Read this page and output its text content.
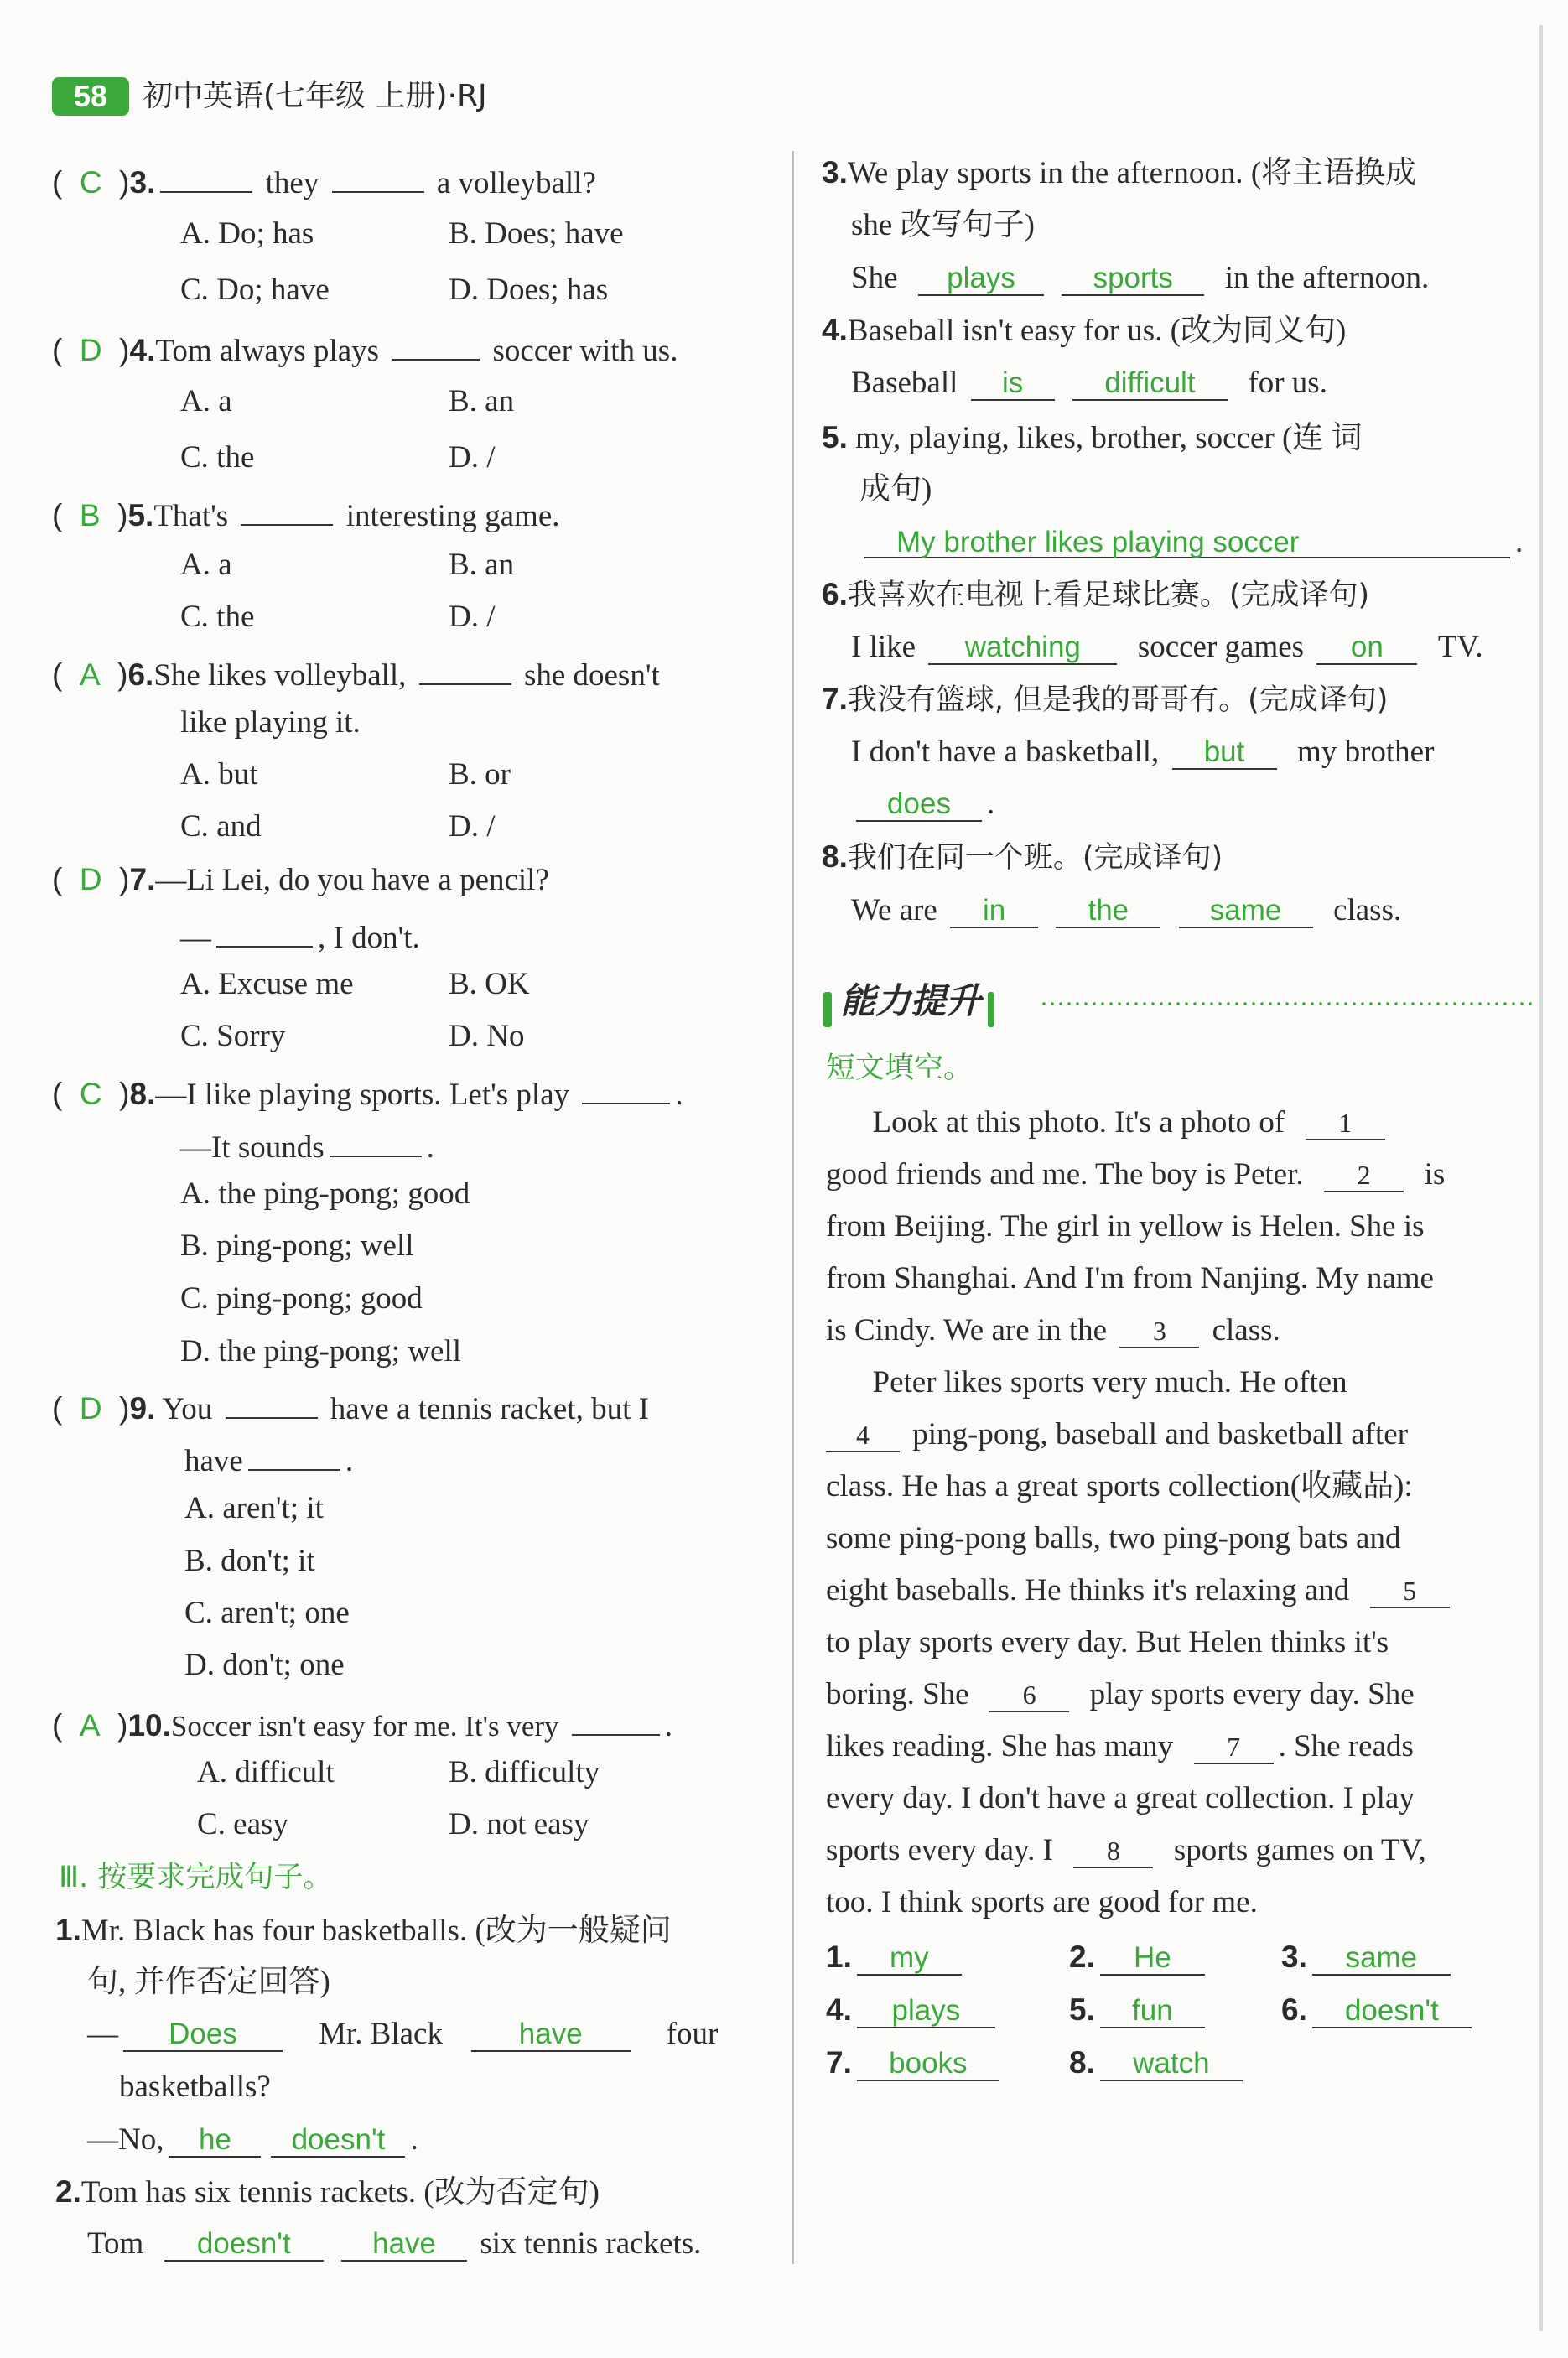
58	初中英语(七年级 上册)·RJ
(  C  )3.	they	a volleyball?
A. Do; has	B. Does; have
C. Do; have	D. Does; has
(  D  )4.Tom always plays	soccer with us.
A. a	B. an
C. the	D. /
(  B  )5.That's	interesting game.
A. a	B. an
C. the	D. /
(  A  )6.She likes volleyball,	she doesn't
like playing it.
A. but	B. or
C. and	D. /
(  D  )7.—Li Lei, do you have a pencil?
—	, I don't.
A. Excuse me	B. OK
C. Sorry	D. No
(  C  )8.—I like playing sports. Let's play	.
—It sounds	.
A. the ping-pong; good
B. ping-pong; well
C. ping-pong; good
D. the ping-pong; well
(  D  )9. You	have a tennis racket, but I
have	.
A. aren't; it
B. don't; it
C. aren't; one
D. don't; one
(  A  )10.Soccer isn't easy for me. It's very	.
A. difficult	B. difficulty
C. easy	D. not easy
Ⅲ. 按要求完成句子。
1.Mr. Black has four basketballs. (改为一般疑问
句, 并作否定回答)
— Does	Mr. Black	have	four
basketballs?
—No, he doesn't .
2.Tom has six tennis rackets. (改为否定句)
Tom doesn't	have six tennis rackets.
3.We play sports in the afternoon. (将主语换成
she 改写句子)
She plays	sports in the afternoon.
4.Baseball isn't easy for us. (改为同义句)
Baseball is	difficult for us.
5. my, playing, likes, brother, soccer (连 词
成句)
My brother likes playing soccer	.
6.我喜欢在电视上看足球比赛。(完成译句)
I like watching soccer games on TV.
7.我没有篮球, 但是我的哥哥有。(完成译句)
I don't have a basketball, but my brother
does .
8.我们在同一个班。(完成译句)
We are in	the	same class.
能力提升
短文填空。
Look at this photo. It's a photo of 1
good friends and me. The boy is Peter. 2 is
from Beijing. The girl in yellow is Helen. She is
from Shanghai. And I'm from Nanjing. My name
is Cindy. We are in the 3 class.
Peter likes sports very much. He often
4 ping-pong, baseball and basketball after
class. He has a great sports collection(收藏品):
some ping-pong balls, two ping-pong bats and
eight baseballs. He thinks it's relaxing and 5
to play sports every day. But Helen thinks it's
boring. She 6 play sports every day. She
likes reading. She has many 7 . She reads
every day. I don't have a great collection. I play
sports every day. I 8 sports games on TV,
too. I think sports are good for me.
1. my	2. He	3. same
4. plays	5. fun	6. doesn't
7. books	8. watch
